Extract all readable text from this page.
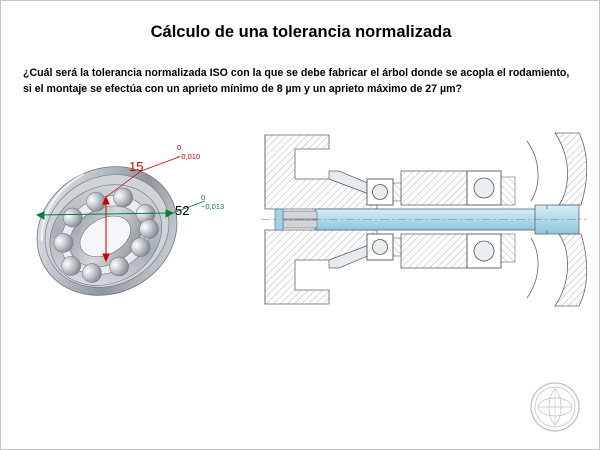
Cálculo de una tolerancia normalizada
¿Cuál será la tolerancia normalizada ISO con la que se debe fabricar el árbol donde se acopla el rodamiento, si el montaje se efectúa con un aprieto mínimo de 8 µm y un aprieto máximo de 27 µm?
15
0
−0,010
52
0
−0,013
